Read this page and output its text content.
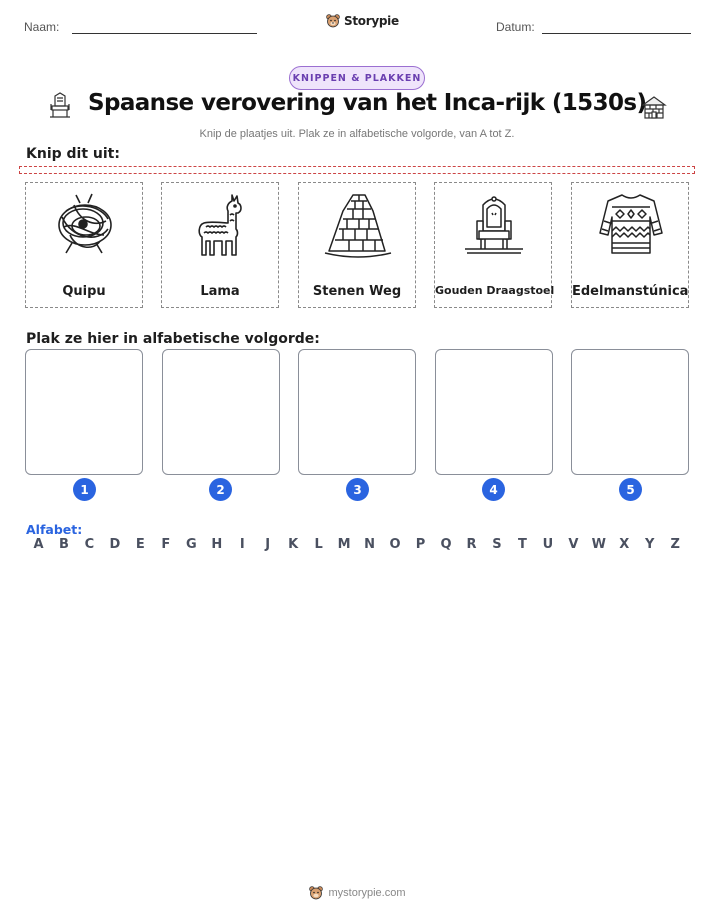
Naam:	Storypie	Datum:
KNIPPEN & PLAKKEN
Spaanse verovering van het Inca-rijk (1530s)
Knip de plaatjes uit. Plak ze in alfabetische volgorde, van A tot Z.
Knip dit uit:
Quipu	Lama	Stenen Weg	Gouden Draagstoel Edelmanstúnica
Plak ze hier in alfabetische volgorde:
1	2	3	4	5
Alfabet:
A	B	C	D	E	F	G	H	I	J	K	L	M	N	O	P	Q	R	S	T	U	V	W	X	Y	Z
mystorypie.com
